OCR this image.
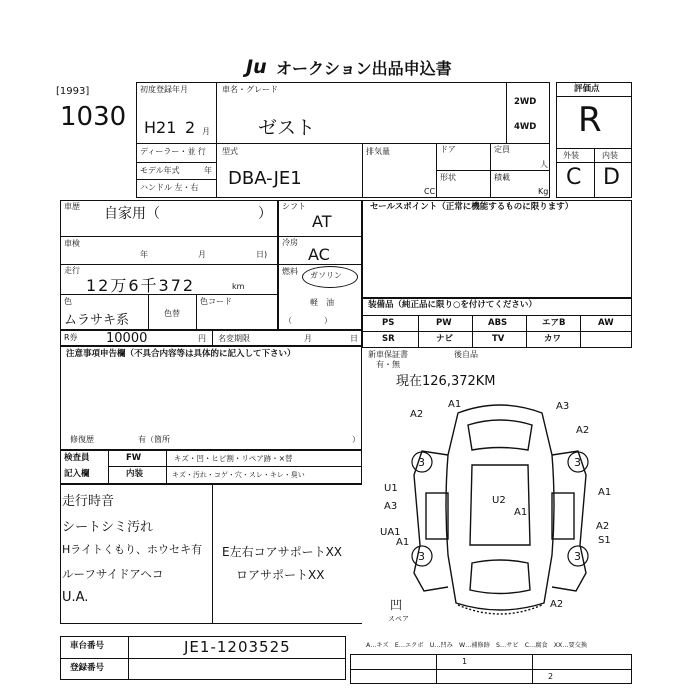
Ju オークション出品申込書
[1993]
1030
初度登録年月
H21 2 月
車名・グレード
ゼスト
ディーラー・並 行
モデル年式	年
ハンドル 左・右
型式
DBA-JE1
排気量
CC
ドア	定員
人
形状	積載
Kg
2WD
4WD
評価点
R
外装	内装
C D
車歴 自家用（	）
車検
年	月	日)
走行
12万6千372	km
色
ムラサキ系	色替
色コード
シフト
AT
冷房
AC
燃料 ガソリン
軽　油
（　　　　）
セールスポイント（正常に機能するものに限ります）
装備品（純正品に限り○を付けてください）
PS	PW	ABS	エアB	AW
SR	ナビ	TV	カワ
新車保証書
有・無
後自品
現在126,372KM
R券 10000	円 名変期限	月	日
注意事項申告欄（不具合内容等は具体的に記入して下さい）
修復歴	有（箇所	）
検査員
記入欄
FW
内装
キズ・凹・ヒビ割・リペア跡・×替
キズ・汚れ・コゲ・穴・スレ・キレ・臭い
走行時音
シートシミ汚れ
Hライトくもり、ホウセキ有
ルーフサイドアヘコ
U.A.
E左右コアサポートXX
ロアサポートXX
3	3
3	3
A1
A2
A3
A2
A1
U1
A3
U2
A1
UA1
A1
A2
S1
A2
凹
スペア
車台番号	JE1-1203525
登録番号
A…キズ　E…エクボ　U…凹み　W…補修跡　S…サビ　C…腐食　XX…要交換
1
2
